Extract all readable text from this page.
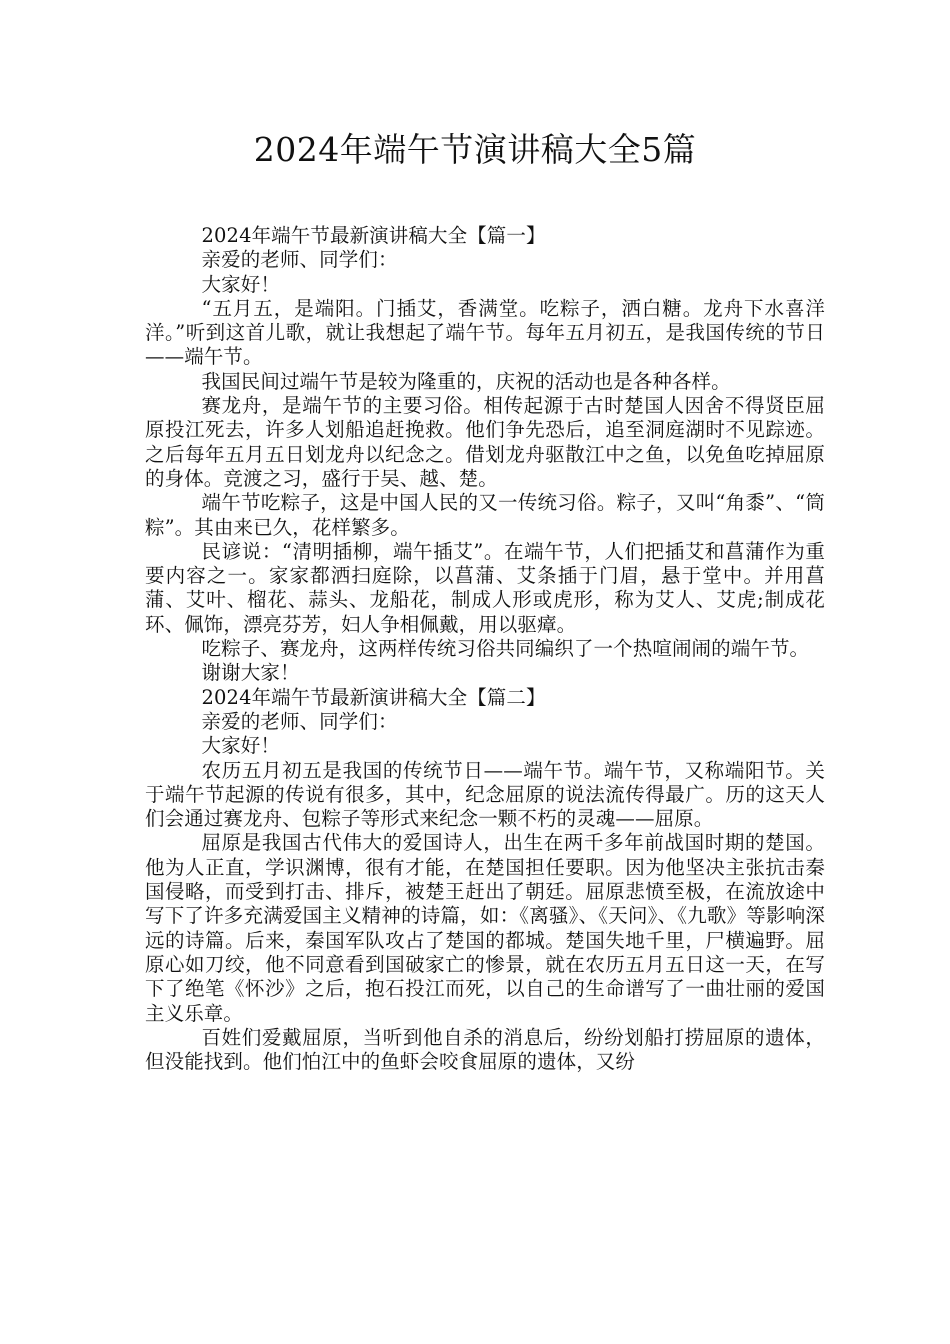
2024年端午节演讲稿大全5篇

2024年端午节最新演讲稿大全【篇一】

亲爱的老师、同学们：

大家好！

“五月五，是端阳。门插艾，香满堂。吃粽子，洒白糖。龙舟下水喜洋洋。”听到这首儿歌，就让我想起了端午节。每年五月初五，是我国传统的节日——端午节。

我国民间过端午节是较为隆重的，庆祝的活动也是各种各样。

赛龙舟，是端午节的主要习俗。相传起源于古时楚国人因舍不得贤臣屈原投江死去，许多人划船追赶挽救。他们争先恐后，追至洞庭湖时不见踪迹。之后每年五月五日划龙舟以纪念之。借划龙舟驱散江中之鱼，以免鱼吃掉屈原的身体。竞渡之习，盛行于吴、越、楚。

端午节吃粽子，这是中国人民的又一传统习俗。粽子，又叫“角黍”、“筒粽”。其由来已久，花样繁多。

民谚说：“清明插柳，端午插艾”。在端午节，人们把插艾和菖蒲作为重要内容之一。家家都洒扫庭除，以菖蒲、艾条插于门眉，悬于堂中。并用菖蒲、艾叶、榴花、蒜头、龙船花，制成人形或虎形，称为艾人、艾虎;制成花环、佩饰，漂亮芬芳，妇人争相佩戴，用以驱瘴。

吃粽子、赛龙舟，这两样传统习俗共同编织了一个热喧闹闹的端午节。

谢谢大家！

2024年端午节最新演讲稿大全【篇二】

亲爱的老师、同学们：

大家好！

农历五月初五是我国的传统节日——端午节。端午节，又称端阳节。关于端午节起源的传说有很多，其中，纪念屈原的说法流传得最广。历的这天人们会通过赛龙舟、包粽子等形式来纪念一颗不朽的灵魂——屈原。

屈原是我国古代伟大的爱国诗人，出生在两千多年前战国时期的楚国。他为人正直，学识渊博，很有才能，在楚国担任要职。因为他坚决主张抗击秦国侵略，而受到打击、排斥，被楚王赶出了朝廷。屈原悲愤至极，在流放途中写下了许多充满爱国主义精神的诗篇，如：《离骚》、《天问》、《九歌》等影响深远的诗篇。后来，秦国军队攻占了楚国的都城。楚国失地千里，尸横遍野。屈原心如刀绞，他不同意看到国破家亡的惨景，就在农历五月五日这一天，在写下了绝笔《怀沙》之后，抱石投江而死，以自己的生命谱写了一曲壮丽的爱国主义乐章。

百姓们爱戴屈原，当听到他自杀的消息后，纷纷划船打捞屈原的遗体，但没能找到。他们怕江中的鱼虾会咬食屈原的遗体，又纷
